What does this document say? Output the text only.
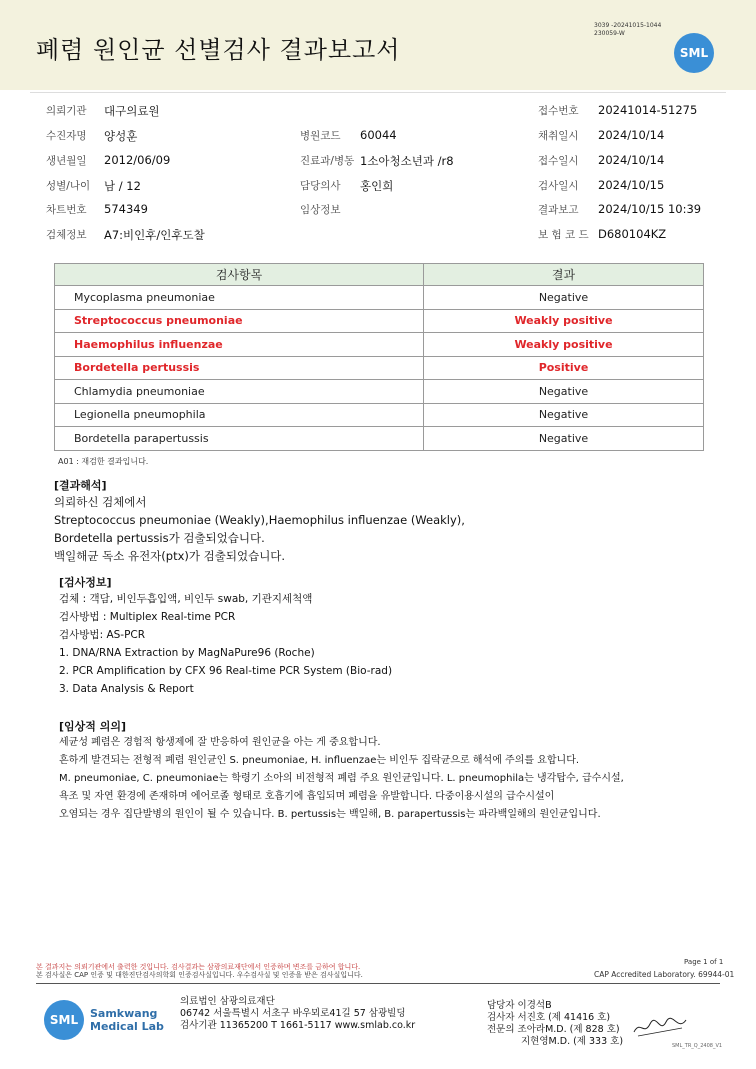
폐렴 원인균 선별검사 결과보고서
3039 -20241015-1044
230059-W
SML
의뢰기관 대구의료원	접수번호 20241014-51275
수진자명 양성훈	병원코드 60044	채취일시 2024/10/14
생년월일 2012/06/09	진료과/병동 1소아청소년과 /r8	접수일시 2024/10/14
성별/나이 남 / 12	담당의사 홍인희	검사일시 2024/10/15
차트번호 574349	임상정보	결과보고 2024/10/15 10:39
검체정보 A7:비인후/인후도찰	보 험 코 드 D680104KZ
검사항목	결과
Mycoplasma pneumoniae	Negative
Streptococcus pneumoniae	Weakly positive
Haemophilus influenzae	Weakly positive
Bordetella pertussis	Positive
Chlamydia pneumoniae	Negative
Legionella pneumophila	Negative
Bordetella parapertussis	Negative
A01 : 재검한 결과입니다.
[결과해석]
의뢰하신 검체에서
Streptococcus pneumoniae (Weakly),Haemophilus influenzae (Weakly),
Bordetella pertussis가 검출되었습니다.
백일해균 독소 유전자(ptx)가 검출되었습니다.
[검사정보]
검체 : 객담, 비인두흡입액, 비인두 swab, 기관지세척액
검사방법 : Multiplex Real-time PCR
검사방법: AS-PCR
1. DNA/RNA Extraction by MagNaPure96 (Roche)
2. PCR Amplification by CFX 96 Real-time PCR System (Bio-rad)
3. Data Analysis & Report
[임상적 의의]
세균성 폐렴은 경험적 항생제에 잘 반응하여 원인균을 아는 게 중요합니다.
흔하게 발견되는 전형적 폐렴 원인균인 S. pneumoniae, H. influenzae는 비인두 집락균으로 해석에 주의를 요합니다.
M. pneumoniae, C. pneumoniae는 학령기 소아의 비전형적 폐렴 주요 원인균입니다. L. pneumophila는 냉각탑수, 급수시설,
욕조 및 자연 환경에 존재하며 에어로졸 형태로 호흡기에 흡입되며 폐렴을 유발합니다. 다중이용시설의 급수시설이
오염되는 경우 집단발병의 원인이 될 수 있습니다. B. pertussis는 백일해, B. parapertussis는 파라백일해의 원인균입니다.
Page 1 of 1
본 결과지는 의뢰기관에서 출력한 것입니다. 검사결과는 삼광의료재단에서 인증하며 변조를 금하여 합니다.
본 검사실은 CAP 인증 및 대한진단검사의학회 인증검사실입니다. 우수검사실 및 인증을 받은 검사실입니다.	CAP Accredited Laboratory. 69944-01
SML	Samkwang
Medical Lab
의료법인 삼광의료재단
06742 서울특별시 서초구 바우뫼로41길 57 삼광빌딩
검사기관 11365200 T 1661-5117 www.smlab.co.kr
담당자 이경석B
검사자 서진호 (제 41416 호)
전문의 조아라M.D. (제 828 호)
지현영M.D. (제 333 호)	SML_TR_Q_2408_V1
